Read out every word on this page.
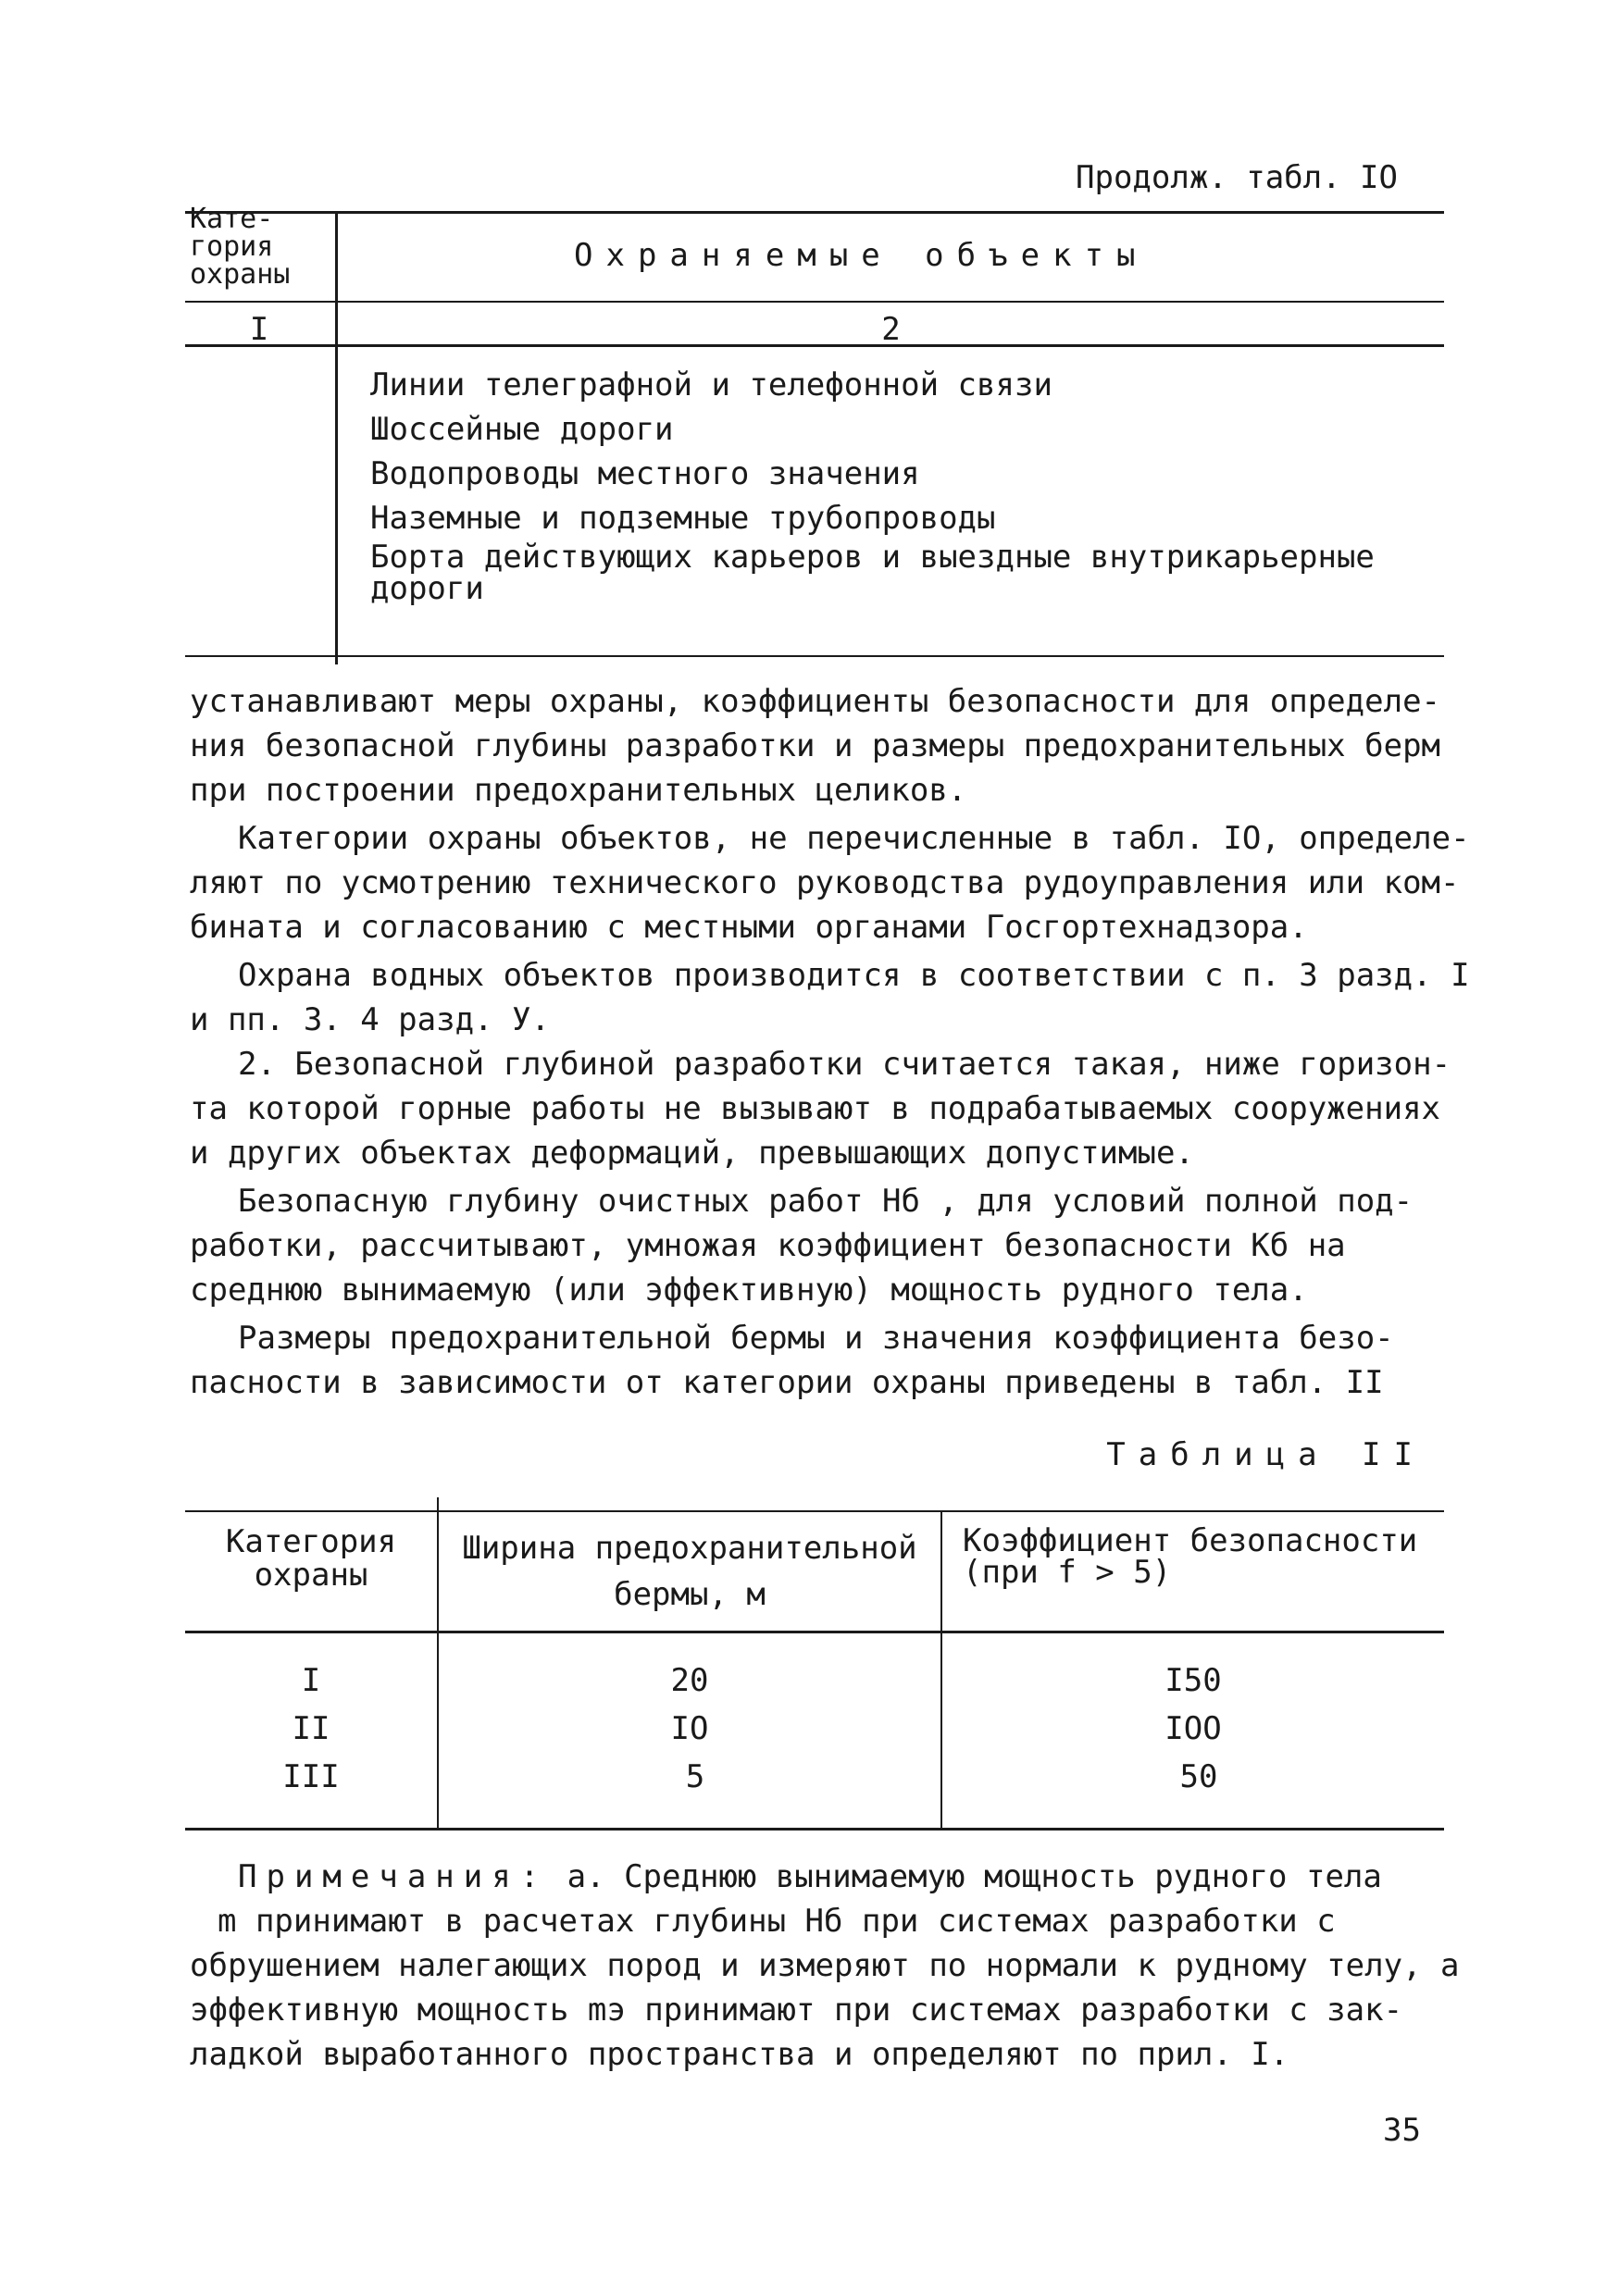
Продолж. табл. IO
Кате-
гория
охраны
Охраняемые объекты
I	2
Линии телеграфной и телефонной связи
Шоссейные дороги
Водопроводы местного значения
Наземные и подземные трубопроводы
Борта действующих карьеров и выездные внутрикарьерные
дороги
устанавливают меры охраны, коэффициенты безопасности для определе-
ния безопасной глубины разработки и размеры предохранительных берм
при построении предохранительных целиков.
Категории охраны объектов, не перечисленные в табл. IO, определе-
ляют по усмотрению технического руководства рудоуправления или ком-
бината и согласованию с местными органами Госгортехнадзора.
Охрана водных объектов производится в соответствии с п. 3 разд. I
и пп. 3. 4 разд. У.
2. Безопасной глубиной разработки считается такая, ниже горизон-
та которой горные работы не вызывают в подрабатываемых сооружениях
и других объектах деформаций, превышающих допустимые.
Безопасную глубину очистных работ Hб , для условий полной под-
работки, рассчитывают, умножая коэффициент безопасности Kб на
среднюю вынимаемую (или эффективную) мощность рудного тела.
Размеры предохранительной бермы и значения коэффициента безо-
пасности в зависимости от категории охраны приведены в табл. II
Таблица II
Категория
охраны
Ширина предохранительной
бермы, м
Коэффициент безопасности
(при f > 5)
I
II
III
20
IO
5
I50
IOO
50
Примечания: а. Среднюю вынимаемую мощность рудного тела
m принимают в расчетах глубины Hб при системах разработки с
обрушением налегающих пород и измеряют по нормали к рудному телу, а
эффективную мощность mэ принимают при системах разработки с зак-
ладкой выработанного пространства и определяют по прил. I.
35
